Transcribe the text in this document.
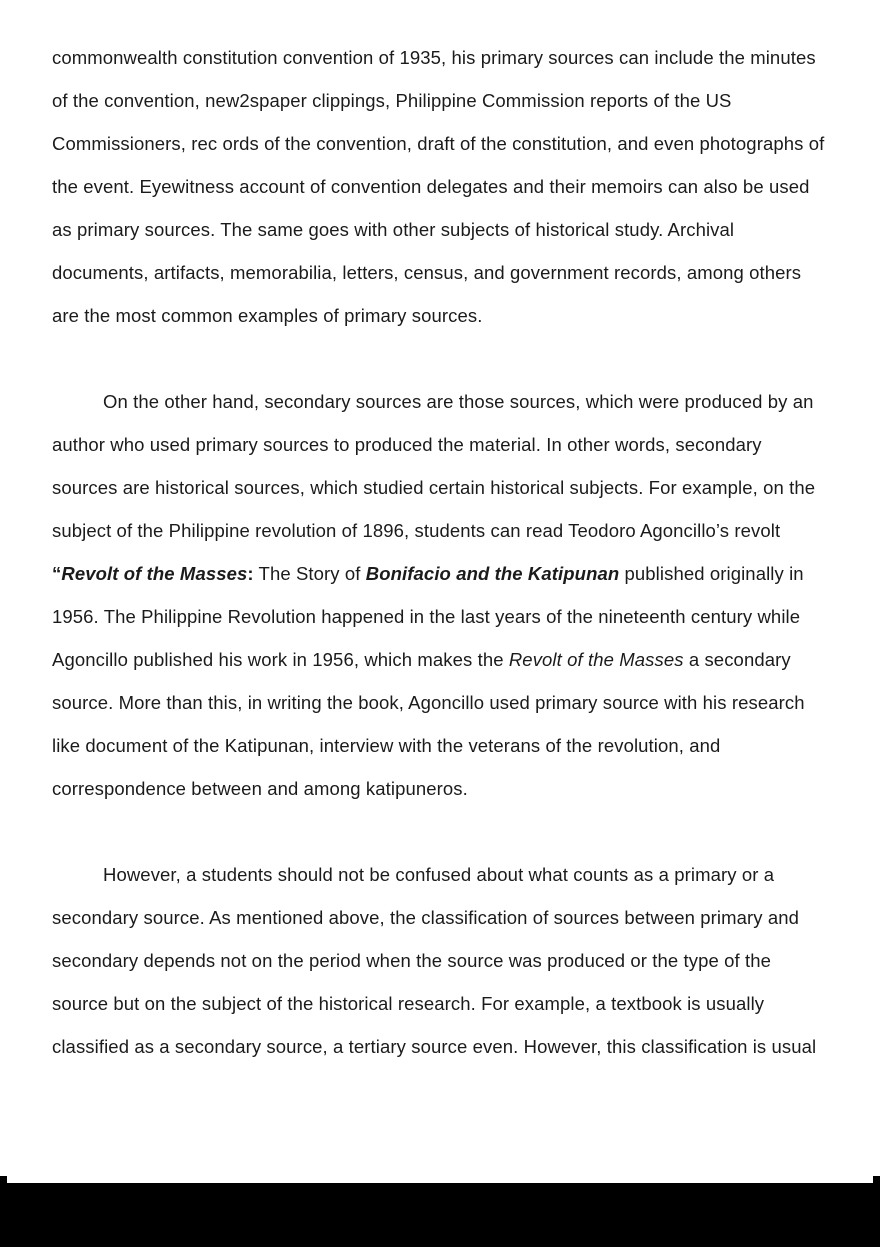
commonwealth constitution convention of 1935, his primary sources can include the minutes
of the convention, new2spaper clippings, Philippine Commission reports of the US
Commissioners, rec ords of the convention, draft of the constitution, and even photographs of
the event. Eyewitness account of convention delegates and their memoirs can also be used
as primary sources. The same goes with other subjects of historical study. Archival
documents, artifacts, memorabilia, letters, census, and government records, among others
are the most common examples of primary sources.
On the other hand, secondary sources are those sources, which were produced by an
author who used primary sources to produced the material. In other words, secondary
sources are historical sources, which studied certain historical subjects. For example, on the
subject of the Philippine revolution of 1896, students can read Teodoro Agoncillo’s revolt
“Revolt of the Masses: The Story of Bonifacio and the Katipunan published originally in
1956. The Philippine Revolution happened in the last years of the nineteenth century while
Agoncillo published his work in 1956, which makes the Revolt of the Masses a secondary
source. More than this, in writing the book, Agoncillo used primary source with his research
like document of the Katipunan, interview with the veterans of the revolution, and
correspondence between and among katipuneros.
However, a students should not be confused about what counts as a primary or a
secondary source. As mentioned above, the classification of sources between primary and
secondary depends not on the period when the source was produced or the type of the
source but on the subject of the historical research. For example, a textbook is usually
classified as a secondary source, a tertiary source even. However, this classification is usual
